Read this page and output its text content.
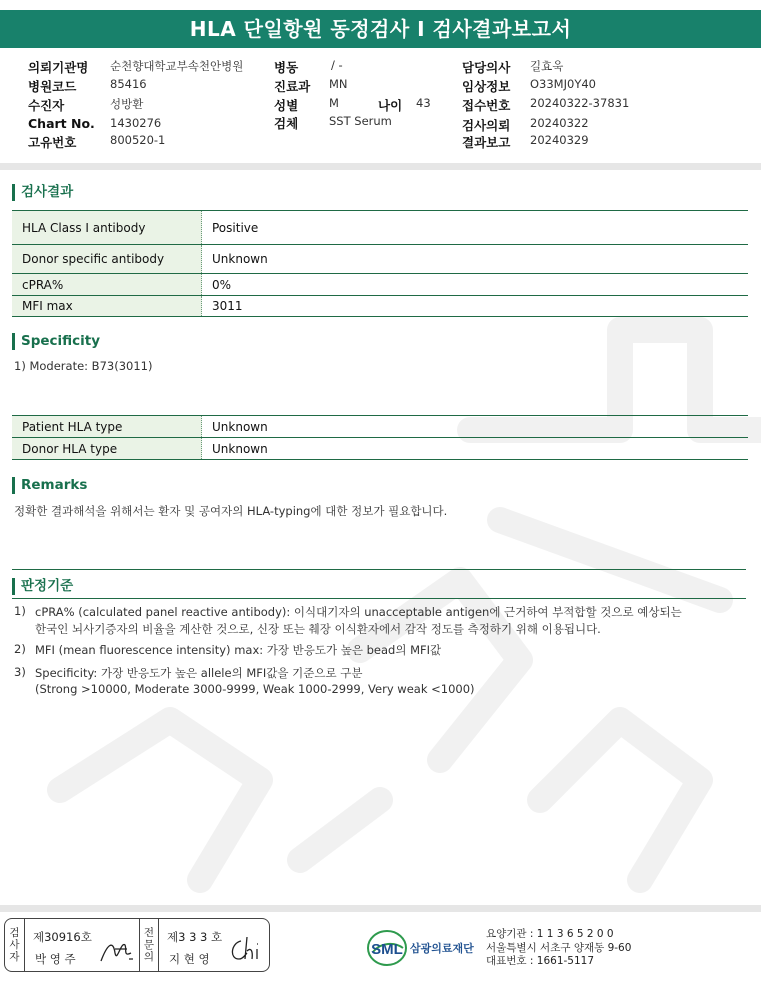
HLA 단일항원 동정검사 I 검사결과보고서
의뢰기관명 순천향대학교부속천안병원
병원코드	85416
수진자	성방환
Chart No. 1430276
고유번호	800520-1
병동	/ -
진료과 MN
성별	M	나이 43
검체	SST Serum
담당의사 길효욱
임상정보 O33MJ0Y40
접수번호 20240322-37831
검사의뢰 20240322
결과보고 20240329
검사결과
HLA Class I antibody	Positive
Donor specific antibody	Unknown
cPRA%	0%
MFI max	3011
Specificity
1) Moderate: B73(3011)
Patient HLA type	Unknown
Donor HLA type	Unknown
Remarks
정확한 결과해석을 위해서는 환자 및 공여자의 HLA-typing에 대한 정보가 필요합니다.
판정기준
1) cPRA% (calculated panel reactive antibody): 이식대기자의 unacceptable antigen에 근거하여 부적합할 것으로 예상되는
한국인 뇌사기증자의 비율을 계산한 것으로, 신장 또는 췌장 이식환자에서 감작 정도를 측정하기 위해 이용됩니다.
2) MFI (mean fluorescence intensity) max: 가장 반응도가 높은 bead의 MFI값
3) Specificity: 가장 반응도가 높은 allele의 MFI값을 기준으로 구분
(Strong >10000, Moderate 3000-9999, Weak 1000-2999, Very weak <1000)
검
사
자
제30916호
박 영 주
전
문
의
제3 3 3 호
지 현 영
SML 삼광의료재단
요양기관 : 1 1 3 6 5 2 0 0
서울특별시 서초구 양재동 9-60
대표번호 : 1661-5117
